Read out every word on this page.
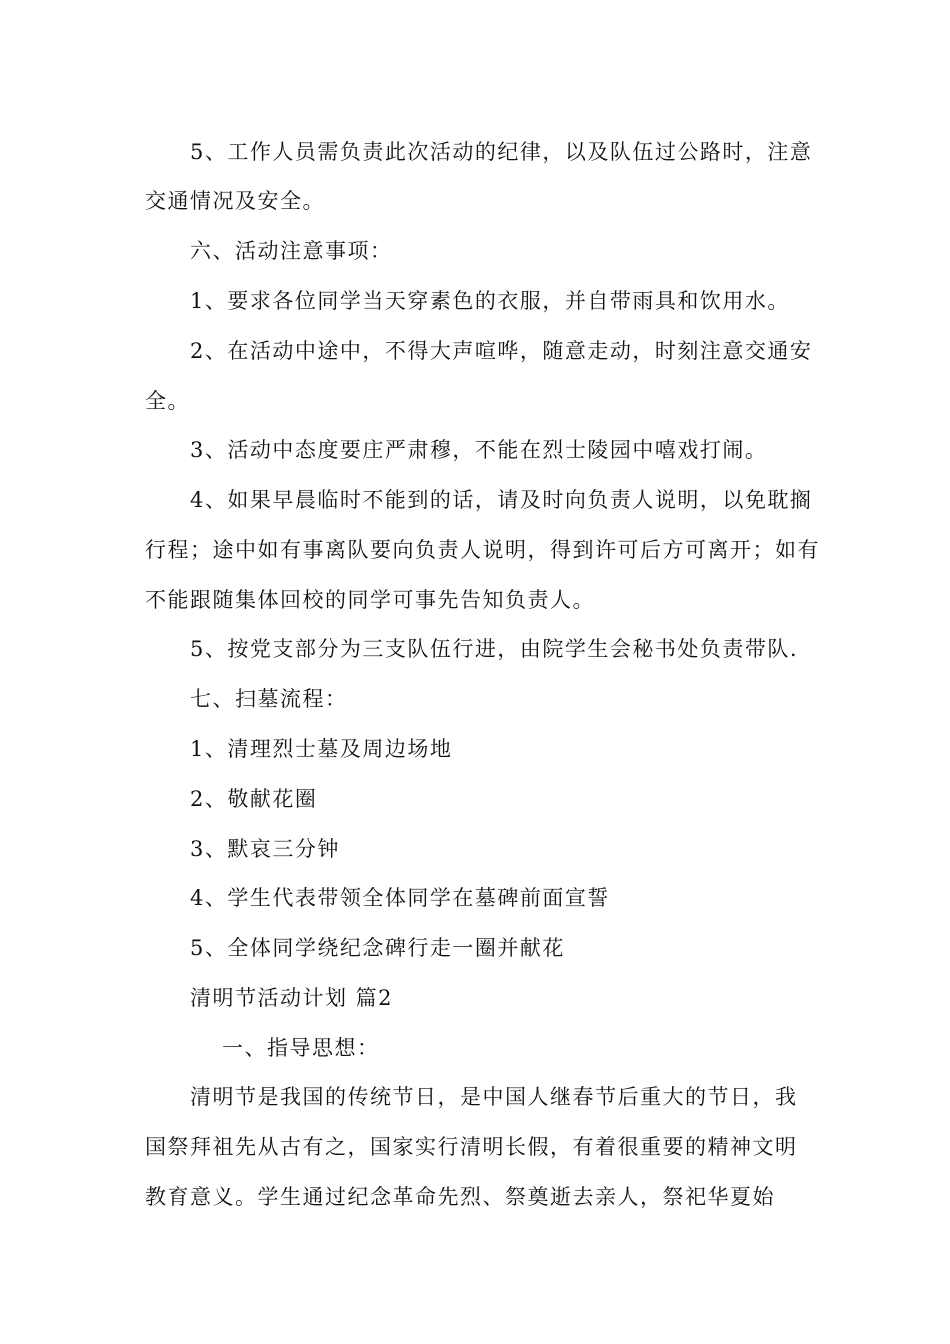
5、工作人员需负责此次活动的纪律，以及队伍过公路时，注意
交通情况及安全。
六、活动注意事项：
1、要求各位同学当天穿素色的衣服，并自带雨具和饮用水。
2、在活动中途中，不得大声喧哗，随意走动，时刻注意交通安
全。
3、活动中态度要庄严肃穆，不能在烈士陵园中嘻戏打闹。
4、如果早晨临时不能到的话，请及时向负责人说明，以免耽搁
行程；途中如有事离队要向负责人说明，得到许可后方可离开；如有
不能跟随集体回校的同学可事先告知负责人。
5、按党支部分为三支队伍行进，由院学生会秘书处负责带队.
七、扫墓流程：
1、清理烈士墓及周边场地
2、敬献花圈
3、默哀三分钟
4、学生代表带领全体同学在墓碑前面宣誓
5、全体同学绕纪念碑行走一圈并献花
清明节活动计划 篇2
一、指导思想：
清明节是我国的传统节日，是中国人继春节后重大的节日，我
国祭拜祖先从古有之，国家实行清明长假，有着很重要的精神文明
教育意义。学生通过纪念革命先烈、祭奠逝去亲人，祭祀华夏始
